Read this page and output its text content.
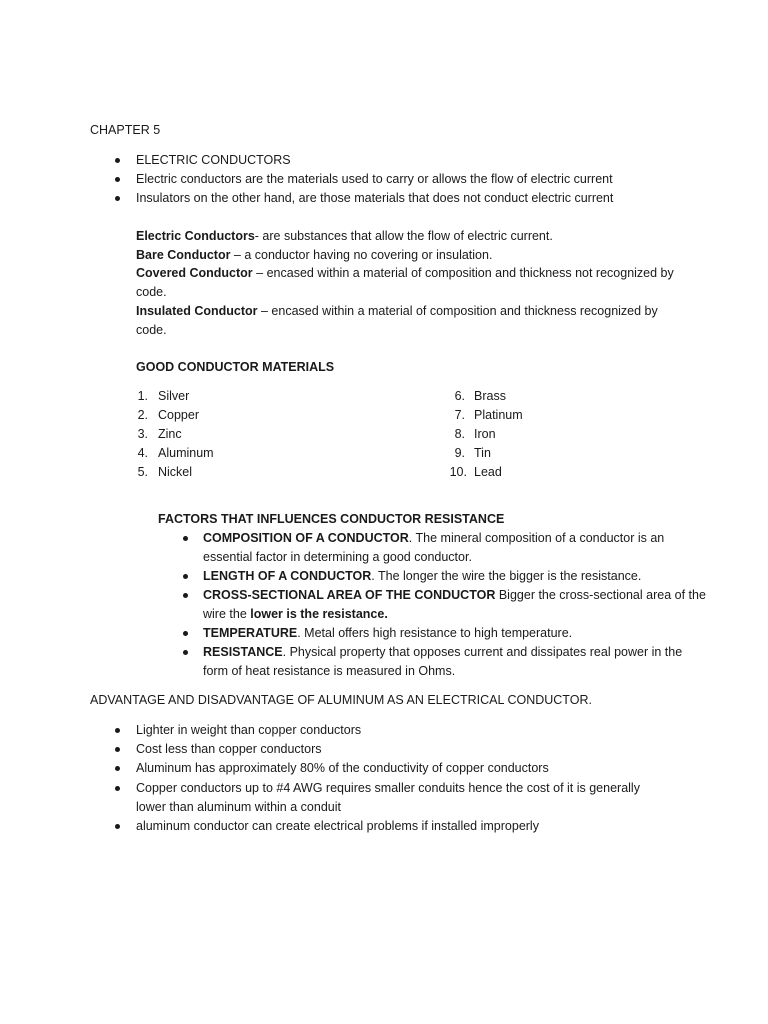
CHAPTER 5
ELECTRIC CONDUCTORS
Electric conductors are the materials used to carry or allows the flow of electric current
Insulators on the other hand, are those materials that does not conduct electric current
Electric Conductors- are substances that allow the flow of electric current.
Bare Conductor – a conductor having no covering or insulation.
Covered Conductor – encased within a material of composition and thickness not recognized by
code.
Insulated Conductor – encased within a material of composition and thickness recognized by
code.
GOOD CONDUCTOR MATERIALS
1. Silver
2. Copper
3. Zinc
4. Aluminum
5. Nickel
6. Brass
7. Platinum
8. Iron
9. Tin
10. Lead
FACTORS THAT INFLUENCES CONDUCTOR RESISTANCE
COMPOSITION OF A CONDUCTOR. The mineral composition of a conductor is an
essential factor in determining a good conductor.
LENGTH OF A CONDUCTOR. The longer the wire the bigger is the resistance.
CROSS-SECTIONAL AREA OF THE CONDUCTOR Bigger the cross-sectional area of the
wire the lower is the resistance.
TEMPERATURE. Metal offers high resistance to high temperature.
RESISTANCE. Physical property that opposes current and dissipates real power in the
form of heat resistance is measured in Ohms.
ADVANTAGE AND DISADVANTAGE OF ALUMINUM AS AN ELECTRICAL CONDUCTOR.
Lighter in weight than copper conductors
Cost less than copper conductors
Aluminum has approximately 80% of the conductivity of copper conductors
Copper conductors up to #4 AWG requires smaller conduits hence the cost of it is generally
lower than aluminum within a conduit
aluminum conductor can create electrical problems if installed improperly
